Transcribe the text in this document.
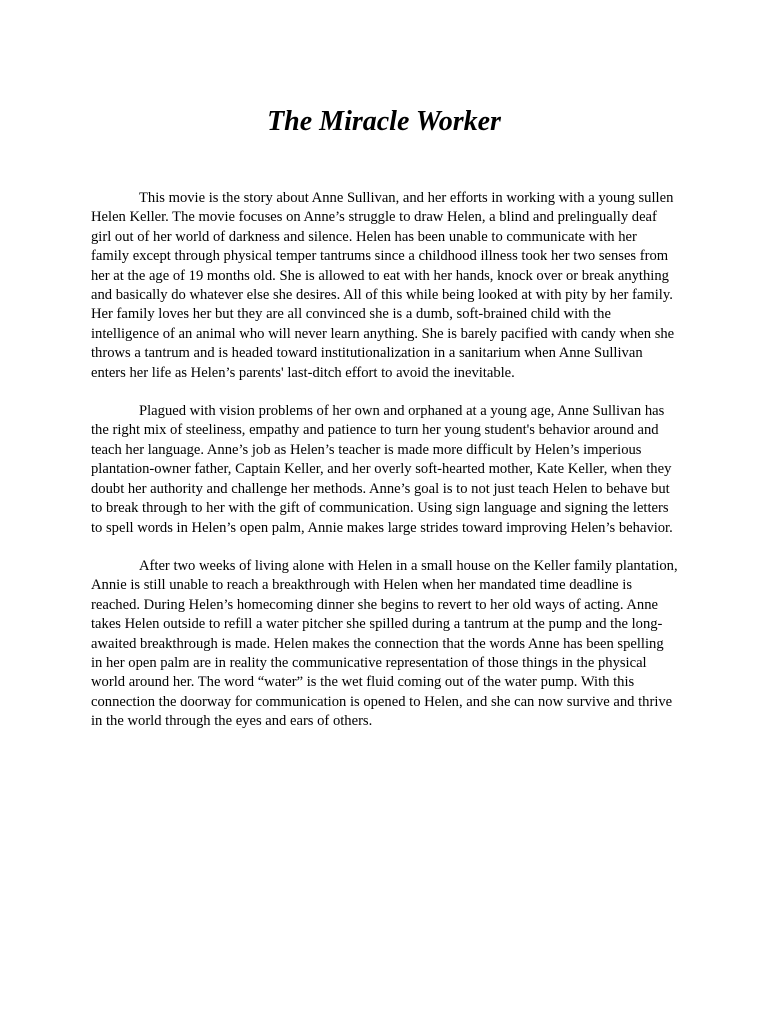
The Miracle Worker

This movie is the story about Anne Sullivan, and her efforts in working with a young sullen Helen Keller. The movie focuses on Anne’s struggle to draw Helen, a blind and prelingually deaf girl out of her world of darkness and silence. Helen has been unable to communicate with her family except through physical temper tantrums since a childhood illness took her two senses from her at the age of 19 months old. She is allowed to eat with her hands, knock over or break anything and basically do whatever else she desires. All of this while being looked at with pity by her family. Her family loves her but they are all convinced she is a dumb, soft-brained child with the intelligence of an animal who will never learn anything. She is barely pacified with candy when she throws a tantrum and is headed toward institutionalization in a sanitarium when Anne Sullivan enters her life as Helen’s parents' last-ditch effort to avoid the inevitable.

Plagued with vision problems of her own and orphaned at a young age, Anne Sullivan has the right mix of steeliness, empathy and patience to turn her young student's behavior around and teach her language. Anne’s job as Helen’s teacher is made more difficult by Helen’s imperious plantation-owner father, Captain Keller, and her overly soft-hearted mother, Kate Keller, when they doubt her authority and challenge her methods. Anne’s goal is to not just teach Helen to behave but to break through to her with the gift of communication. Using sign language and signing the letters to spell words in Helen’s open palm, Annie makes large strides toward improving Helen’s behavior.

After two weeks of living alone with Helen in a small house on the Keller family plantation, Annie is still unable to reach a breakthrough with Helen when her mandated time deadline is reached. During Helen’s homecoming dinner she begins to revert to her old ways of acting. Anne takes Helen outside to refill a water pitcher she spilled during a tantrum at the pump and the long-awaited breakthrough is made. Helen makes the connection that the words Anne has been spelling in her open palm are in reality the communicative representation of those things in the physical world around her. The word “water” is the wet fluid coming out of the water pump. With this connection the doorway for communication is opened to Helen, and she can now survive and thrive in the world through the eyes and ears of others.
